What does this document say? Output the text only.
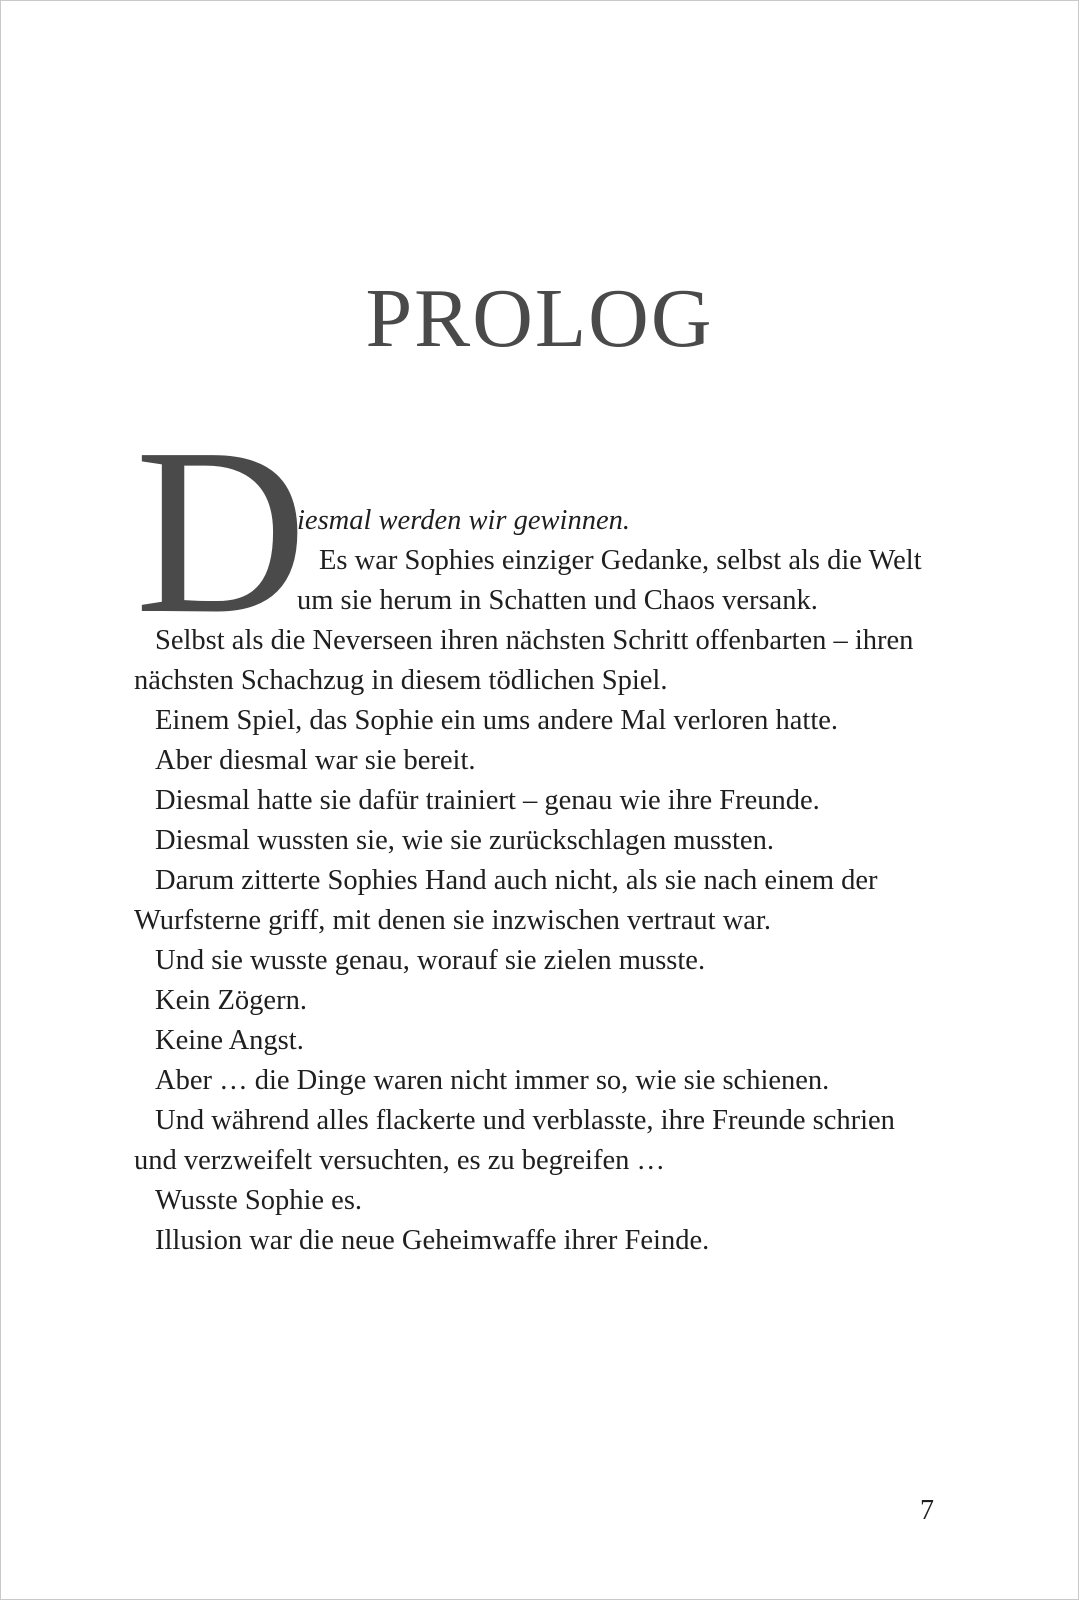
PROLOG
D
iesmal werden wir gewinnen.
Es war Sophies einziger Gedanke, selbst als die Welt
um sie herum in Schatten und Chaos versank.
Selbst als die Neverseen ihren nächsten Schritt offenbarten – ihren
nächsten Schachzug in diesem tödlichen Spiel.
Einem Spiel, das Sophie ein ums andere Mal verloren hatte.
Aber diesmal war sie bereit.
Diesmal hatte sie dafür trainiert – genau wie ihre Freunde.
Diesmal wussten sie, wie sie zurückschlagen mussten.
Darum zitterte Sophies Hand auch nicht, als sie nach einem der
Wurfsterne griff, mit denen sie inzwischen vertraut war.
Und sie wusste genau, worauf sie zielen musste.
Kein Zögern.
Keine Angst.
Aber … die Dinge waren nicht immer so, wie sie schienen.
Und während alles flackerte und verblasste, ihre Freunde schrien
und verzweifelt versuchten, es zu begreifen …
Wusste Sophie es.
Illusion war die neue Geheimwaffe ihrer Feinde.
7
